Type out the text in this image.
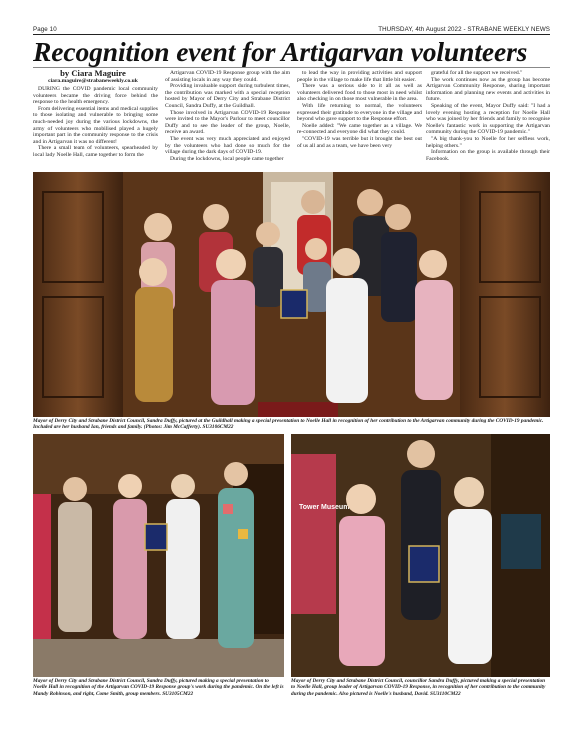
Page 10	THURSDAY, 4th August 2022 - STRABANE WEEKLY NEWS
Recognition event for Artigarvan volunteers
by Ciara Maguire
ciara.maguire@strabaneweekly.co.uk

DURING the COVID pandemic local community volunteers became the driving force behind the response to the health emergency.

From delivering essential items and medical supplies to those isolating and vulnerable to bringing some much-needed joy during the various lockdowns, the army of volunteers who mobilised played a hugely important part in the community response to the crisis and in Artigarvan it was no different!

There a small team of volunteers, spearheaded by local lady Noelle Hall, came together to form the

Artigarvan COVID-19 Response group with the aim of assisting locals in any way they could.

Providing invaluable support during turbulent times, the contribution was marked with a special reception hosted by Mayor of Derry City and Strabane District Council, Sandra Duffy, at the Guildhall.

Those involved in Artigarvan COVID-19 Response were invited to the Mayor's Parlour to meet councillor Duffy and to see the leader of the group, Noelle, receive an award.

The event was very much appreciated and enjoyed by the volunteers who had done so much for the village during the dark days of COVID-19.

During the lockdowns, local people came together

to lead the way in providing activities and support people in the village to make life that little bit easier.

There was a serious side to it all as well as volunteers delivered food to those most in need whilst also checking in on those most vulnerable in the area.

With life returning to normal, the volunteers expressed their gratitude to everyone in the village and beyond who gave support to the Response effort.

Noelle added: "We came together as a village. We re-connected and everyone did what they could.

"COVID-19 was terrible but it brought the best out of us all and as a team, we have been very

grateful for all the support we received."

The work continues now as the group has become Artigarvan Community Response, sharing important information and planning new events and activities in future.

Speaking of the event, Mayor Duffy said: "I had a lovely evening hosting a reception for Noelle Hall who was joined by her friends and family to recognise Noelle's fantastic work in supporting the Artigarvan community during the COVID-19 pandemic."

"A big thank-you to Noelle for her selfless work, helping others."

Information on the group is available through their Facebook.

Mayor of Derry City and Strabane District Council, Sandra Duffy, pictured at the Guildhall making a special presentation to Noelle Hall in recognition of her contribution to the Artigarvan community during the COVID-19 pandemic. Included are her husband Ian, friends and family. (Photos: Jim McCafferty). SU3106CM22
Tower Museum
Mayor of Derry City and Strabane District Council, Sandra Duffy, pictured making a special presentation to Noelle Hall in recognition of the Artigarvan COVID-19 Response group's work during the pandemic. On the left is Mandy Robinson, and right, Come Smith, group members. SU3105CM22
Mayor of Derry City and Strabane District Council, councillor Sandra Duffy, pictured making a special presentation to Noelle Hall, group leader of Artigarvan COVID-19 Response, in recognition of her contribution to the community during the pandemic. Also pictured is Noelle's husband, David. SU3110CM22
